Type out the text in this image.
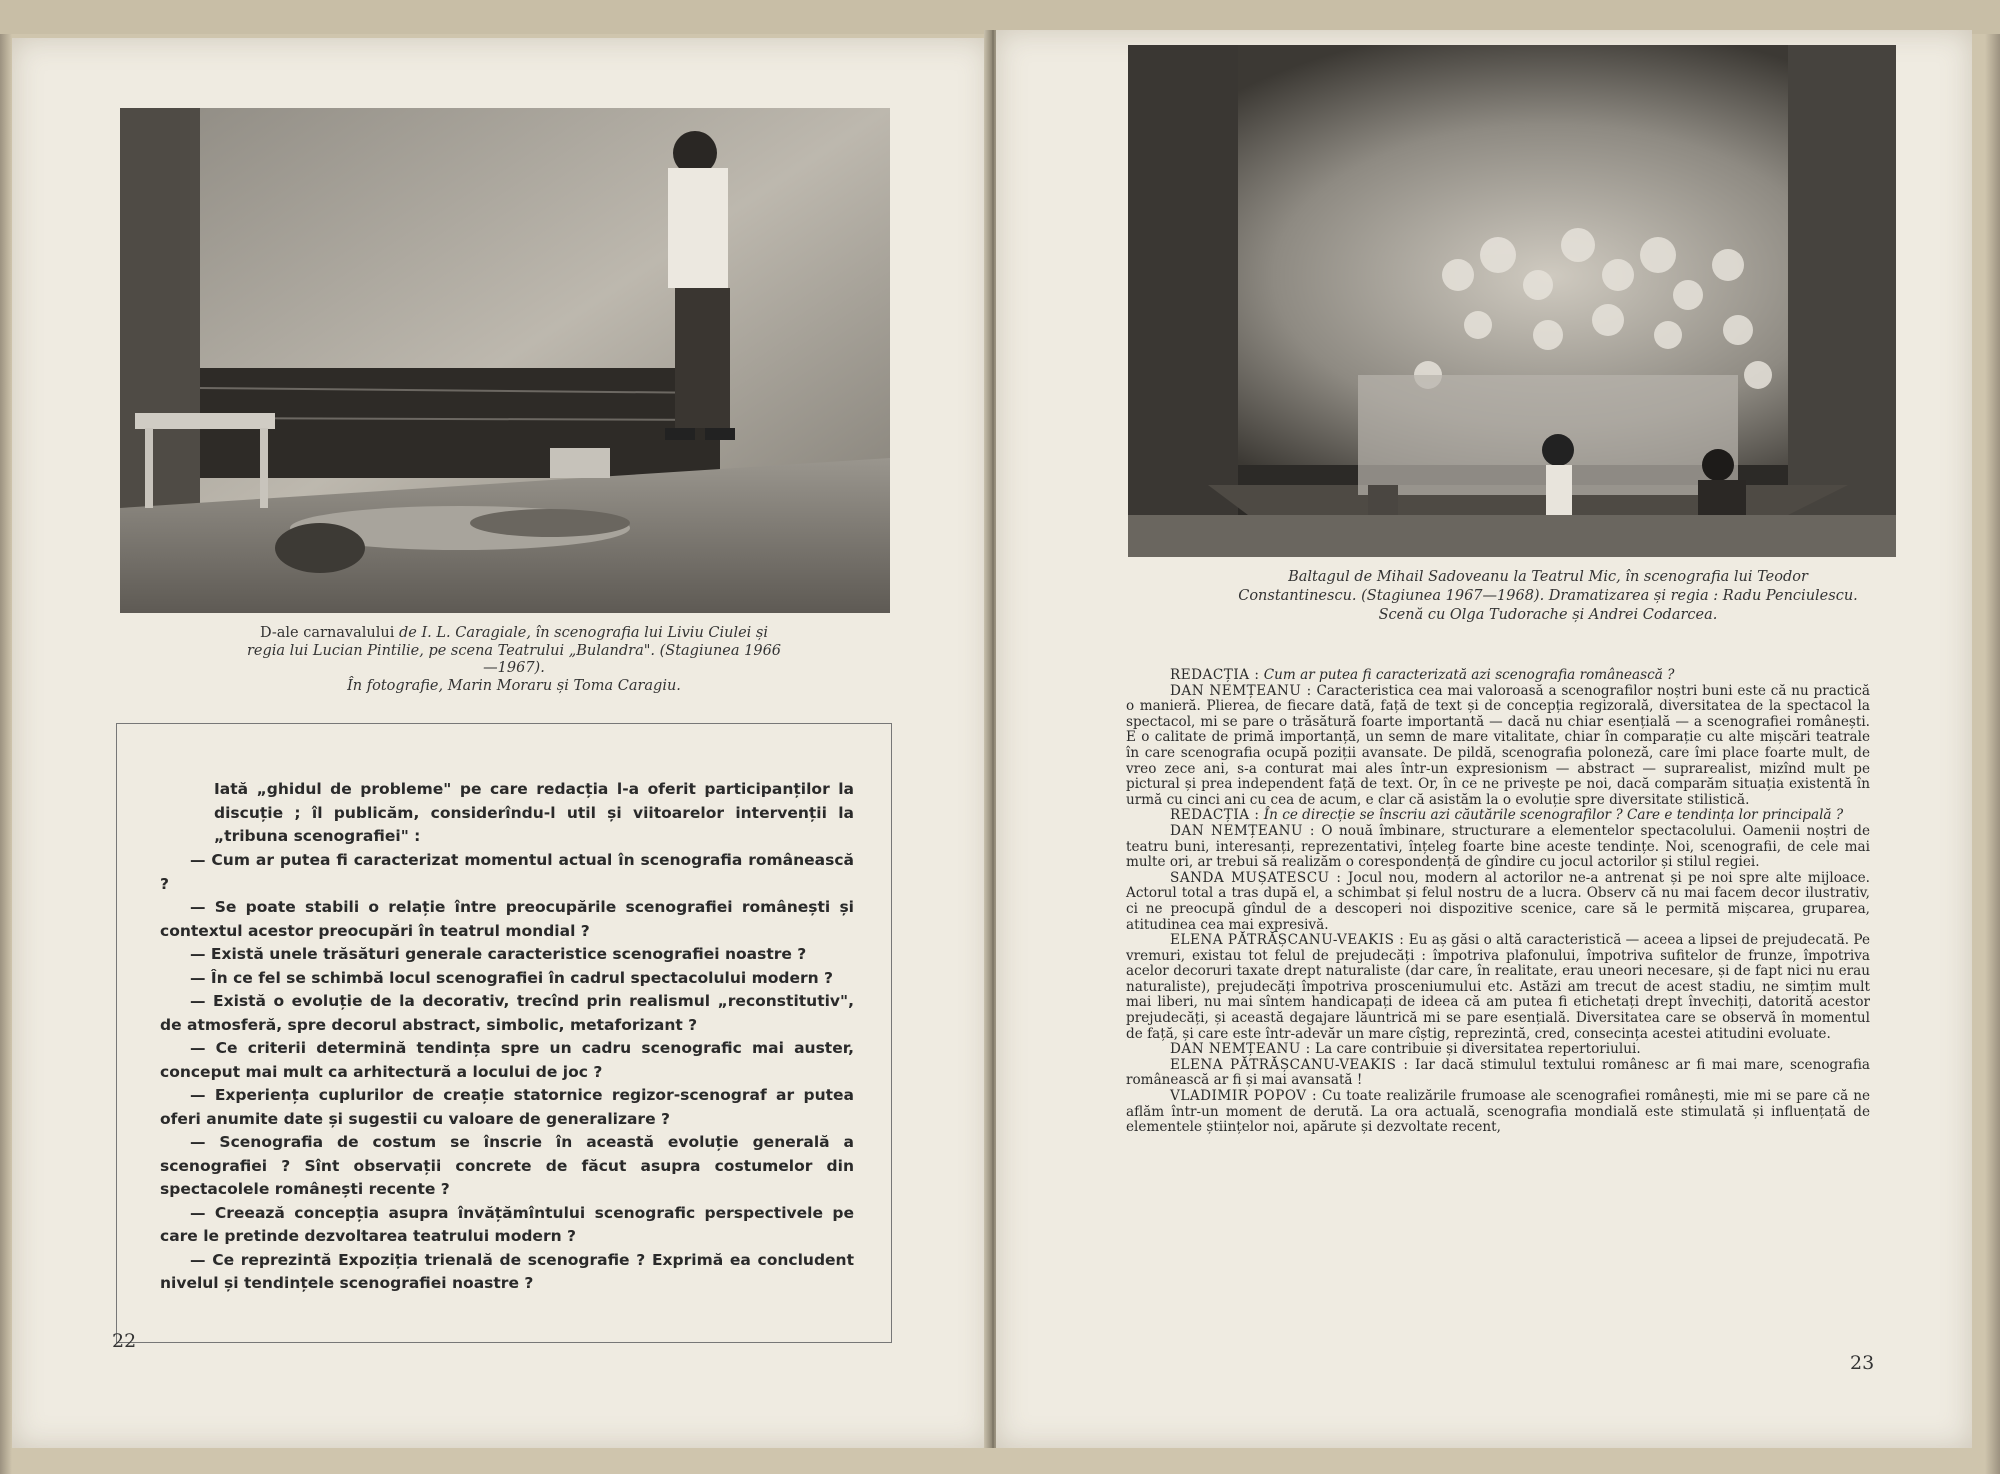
D-ale carnavalului de I. L. Caragiale, în scenografia lui Liviu Ciulei și regia lui Lucian Pintilie, pe scena Teatrului „Bulandra". (Stagiunea 1966—1967).
În fotografie, Marin Moraru și Toma Caragiu.

Iată „ghidul de probleme" pe care redacția l-a oferit participanților la discuție ; îl publicăm, considerîndu-l util și viitoarelor intervenții la „tribuna scenografiei" :

— Cum ar putea fi caracterizat momentul actual în scenografia românească ?
— Se poate stabili o relație între preocupările scenografiei românești și contextul acestor preocupări în teatrul mondial ?
— Există unele trăsături generale caracteristice scenografiei noastre ?
— În ce fel se schimbă locul scenografiei în cadrul spectacolului modern ?
— Există o evoluție de la decorativ, trecînd prin realismul „reconstitutiv", de atmosferă, spre decorul abstract, simbolic, metaforizant ?
— Ce criterii determină tendința spre un cadru scenografic mai auster, conceput mai mult ca arhitectură a locului de joc ?
— Experiența cuplurilor de creație statornice regizor-scenograf ar putea oferi anumite date și sugestii cu valoare de generalizare ?
— Scenografia de costum se înscrie în această evoluție generală a scenografiei ? Sînt observații concrete de făcut asupra costumelor din spectacolele românești recente ?
— Creează concepția asupra învățămîntului scenografic perspectivele pe care le pretinde dezvoltarea teatrului modern ?
— Ce reprezintă Expoziția trienală de scenografie ? Exprimă ea concludent nivelul și tendințele scenografiei noastre ?
22
Baltagul de Mihail Sadoveanu la Teatrul Mic, în scenografia lui Teodor Constantinescu. (Stagiunea 1967—1968). Dramatizarea și regia : Radu Penciulescu. Scenă cu Olga Tudorache și Andrei Codarcea.

REDACȚIA : Cum ar putea fi caracterizată azi scenografia românească ?

DAN NEMȚEANU : Caracteristica cea mai valoroasă a scenografilor noștri buni este că nu practică o manieră. Plierea, de fiecare dată, față de text și de concepția regizorală, diversitatea de la spectacol la spectacol, mi se pare o trăsătură foarte importantă — dacă nu chiar esențială — a scenografiei românești. E o calitate de primă importanță, un semn de mare vitalitate, chiar în comparație cu alte mișcări teatrale în care scenografia ocupă poziții avansate. De pildă, scenografia poloneză, care îmi place foarte mult, de vreo zece ani, s-a conturat mai ales într-un expresionism — abstract — suprarealist, mizînd mult pe pictural și prea independent față de text. Or, în ce ne privește pe noi, dacă comparăm situația existentă în urmă cu cinci ani cu cea de acum, e clar că asistăm la o evoluție spre diversitate stilistică.

REDACȚIA : În ce direcție se înscriu azi căutările scenografilor ? Care e tendința lor principală ?

DAN NEMȚEANU : O nouă îmbinare, structurare a elementelor spectacolului. Oamenii noștri de teatru buni, interesanți, reprezentativi, înțeleg foarte bine aceste tendințe. Noi, scenografii, de cele mai multe ori, ar trebui să realizăm o corespondență de gîndire cu jocul actorilor și stilul regiei.

SANDA MUȘATESCU : Jocul nou, modern al actorilor ne-a antrenat și pe noi spre alte mijloace. Actorul total a tras după el, a schimbat și felul nostru de a lucra. Observ că nu mai facem decor ilustrativ, ci ne preocupă gîndul de a descoperi noi dispozitive scenice, care să le permită mișcarea, gruparea, atitudinea cea mai expresivă.

ELENA PĂTRĂȘCANU-VEAKIS : Eu aș găsi o altă caracteristică — aceea a lipsei de prejudecată. Pe vremuri, existau tot felul de prejudecăți : împotriva plafonului, împotriva sufitelor de frunze, împotriva acelor decoruri taxate drept naturaliste (dar care, în realitate, erau uneori necesare, și de fapt nici nu erau naturaliste), prejudecăți împotriva prosceniumului etc. Astăzi am trecut de acest stadiu, ne simțim mult mai liberi, nu mai sîntem handicapați de ideea că am putea fi etichetați drept învechiți, datorită acestor prejudecăți, și această degajare lăuntrică mi se pare esențială. Diversitatea care se observă în momentul de față, și care este într-adevăr un mare cîștig, reprezintă, cred, consecința acestei atitudini evoluate.

DAN NEMȚEANU : La care contribuie și diversitatea repertoriului.

ELENA PĂTRĂȘCANU-VEAKIS : Iar dacă stimulul textului românesc ar fi mai mare, scenografia românească ar fi și mai avansată !

VLADIMIR POPOV : Cu toate realizările frumoase ale scenografiei românești, mie mi se pare că ne aflăm într-un moment de derută. La ora actuală, scenografia mondială este stimulată și influențată de elementele științelor noi, apărute și dezvoltate recent,

23
